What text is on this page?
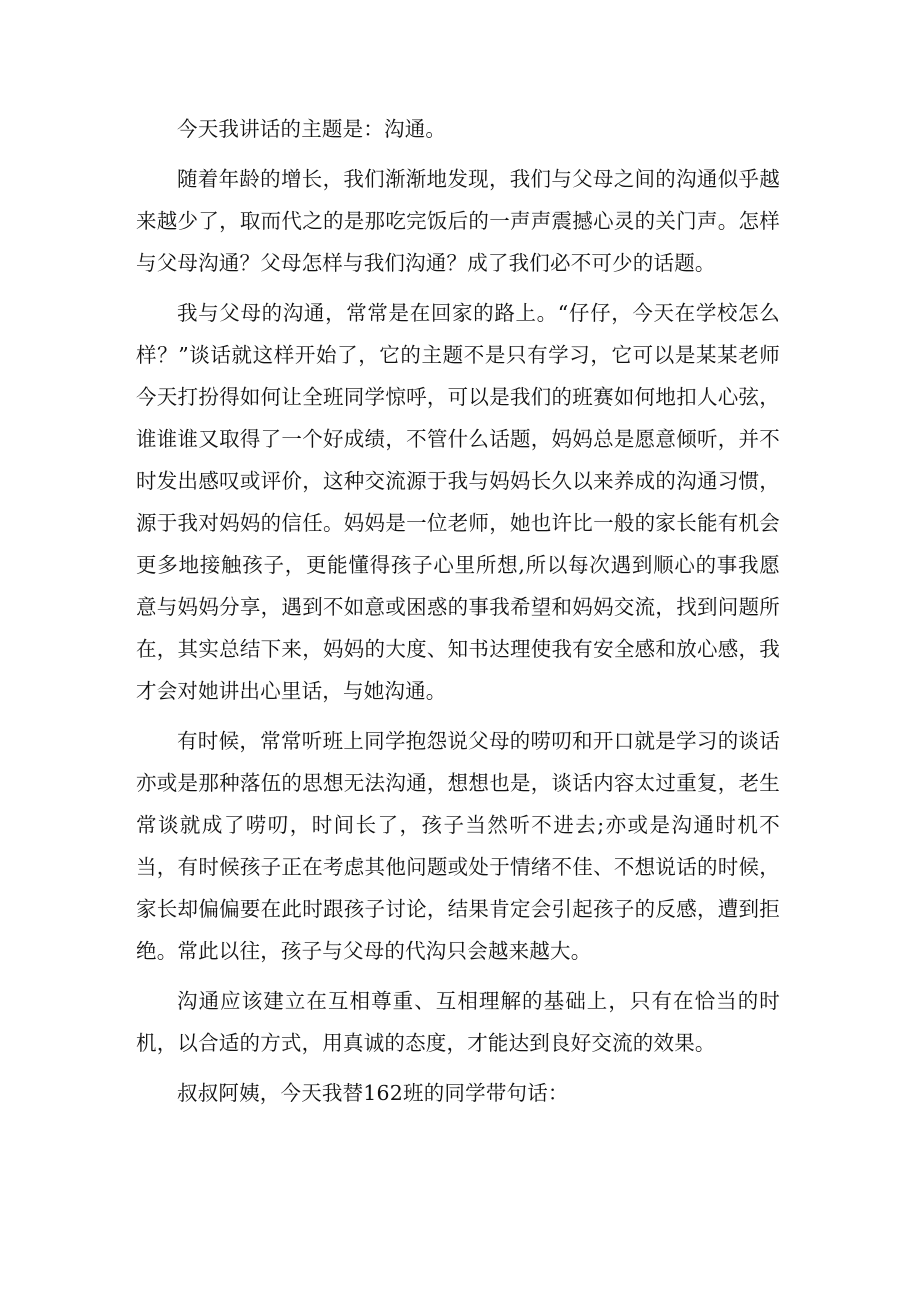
今天我讲话的主题是：沟通。

随着年龄的增长，我们渐渐地发现，我们与父母之间的沟通似乎越来越少了，取而代之的是那吃完饭后的一声声震撼心灵的关门声。怎样与父母沟通？父母怎样与我们沟通？成了我们必不可少的话题。

我与父母的沟通，常常是在回家的路上。“仔仔，今天在学校怎么样？”谈话就这样开始了，它的主题不是只有学习，它可以是某某老师今天打扮得如何让全班同学惊呼，可以是我们的班赛如何地扣人心弦，谁谁谁又取得了一个好成绩，不管什么话题，妈妈总是愿意倾听，并不时发出感叹或评价，这种交流源于我与妈妈长久以来养成的沟通习惯，源于我对妈妈的信任。妈妈是一位老师，她也许比一般的家长能有机会更多地接触孩子，更能懂得孩子心里所想,所以每次遇到顺心的事我愿意与妈妈分享，遇到不如意或困惑的事我希望和妈妈交流，找到问题所在，其实总结下来，妈妈的大度、知书达理使我有安全感和放心感，我才会对她讲出心里话，与她沟通。

有时候，常常听班上同学抱怨说父母的唠叨和开口就是学习的谈话亦或是那种落伍的思想无法沟通，想想也是，谈话内容太过重复，老生常谈就成了唠叨，时间长了，孩子当然听不进去;亦或是沟通时机不当，有时候孩子正在考虑其他问题或处于情绪不佳、不想说话的时候，家长却偏偏要在此时跟孩子讨论，结果肯定会引起孩子的反感，遭到拒绝。常此以往，孩子与父母的代沟只会越来越大。

沟通应该建立在互相尊重、互相理解的基础上，只有在恰当的时机，以合适的方式，用真诚的态度，才能达到良好交流的效果。

叔叔阿姨，今天我替162班的同学带句话：
